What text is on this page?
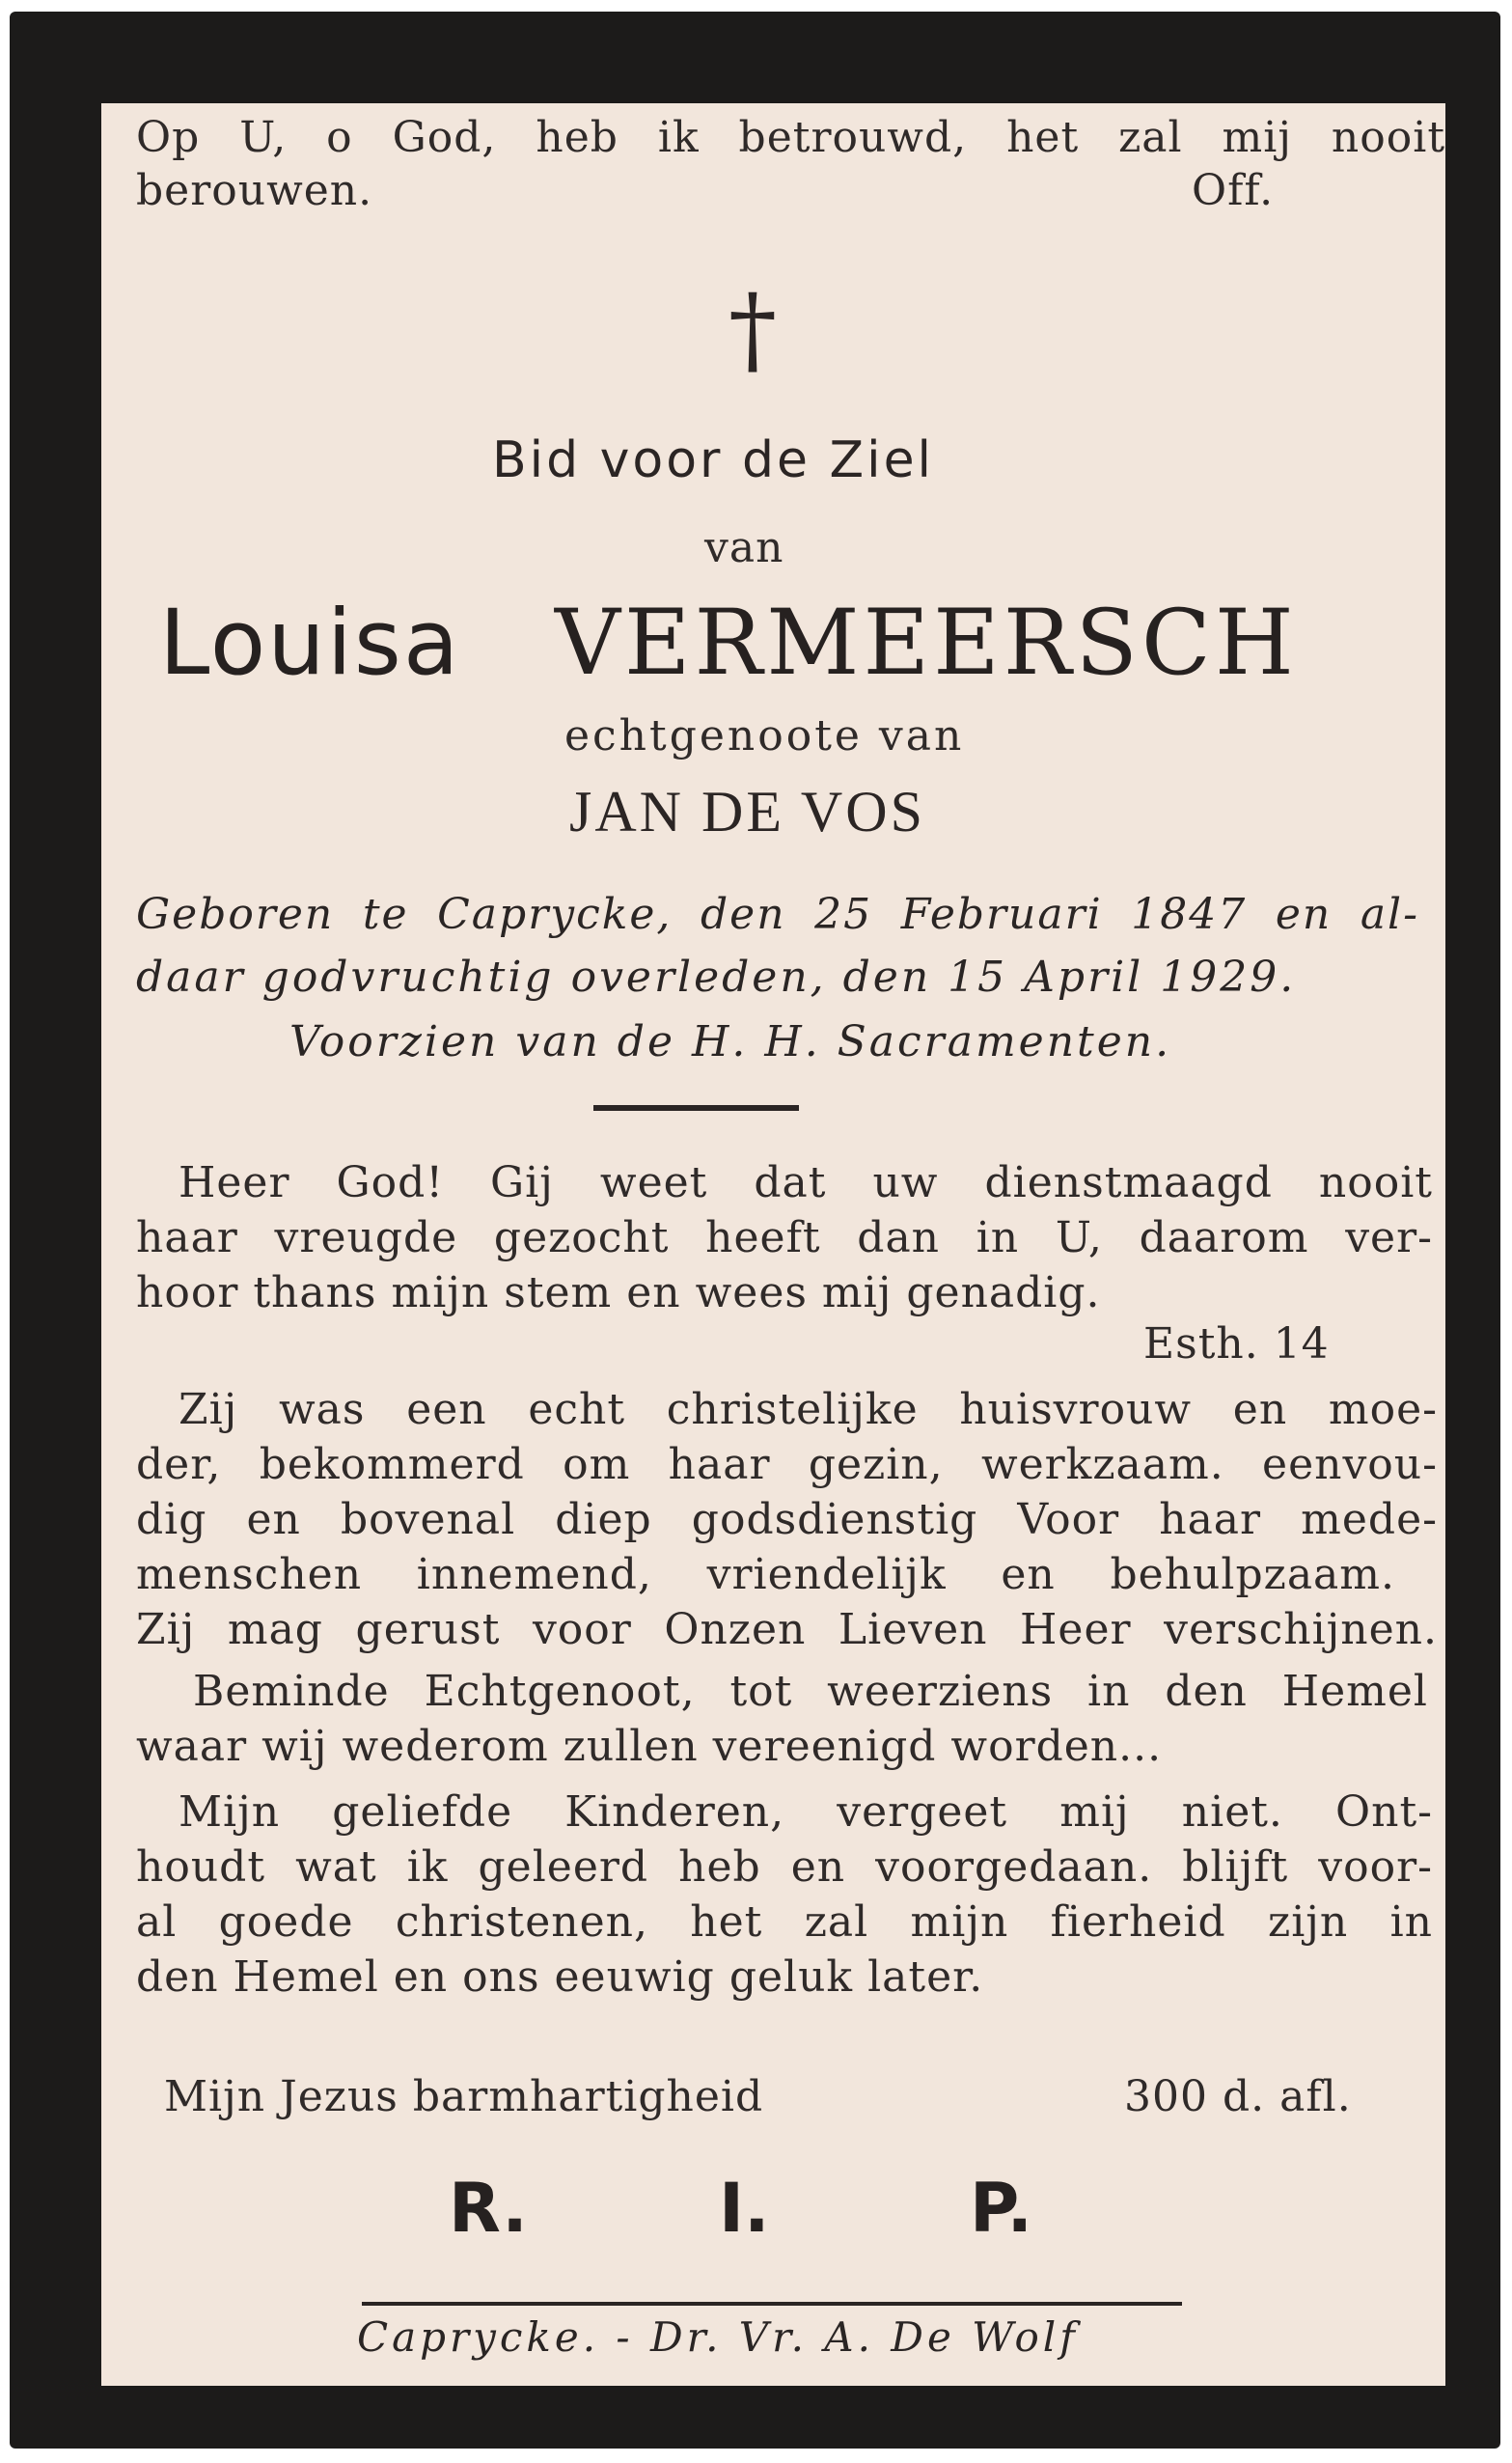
Op U, o God, heb ik betrouwd, het zal mij nooit
berouwen.	Off.
†
Bid voor de Ziel
van
Louisa VERMEERSCH
echtgenoote van
JAN DE VOS
Geboren te Caprycke, den 25 Februari 1847 en al-
daar godvruchtig overleden, den 15 April 1929.
Voorzien van de H. H. Sacramenten.
Heer God! Gij weet dat uw dienstmaagd nooit
haar vreugde gezocht heeft dan in U, daarom ver-
hoor thans mijn stem en wees mij genadig.
Esth. 14
Zij was een echt christelijke huisvrouw en moe-
der, bekommerd om haar gezin, werkzaam. eenvou-
dig en bovenal diep godsdienstig Voor haar mede-
menschen innemend, vriendelijk en behulpzaam.
Zij mag gerust voor Onzen Lieven Heer verschijnen.
Beminde Echtgenoot, tot weerziens in den Hemel
waar wij wederom zullen vereenigd worden...
Mijn geliefde Kinderen, vergeet mij niet. Ont-
houdt wat ik geleerd heb en voorgedaan. blijft voor-
al goede christenen, het zal mijn fierheid zijn in
den Hemel en ons eeuwig geluk later.
Mijn Jezus barmhartigheid	300 d. afl.
R.	I.	P.
Caprycke. - Dr. Vr. A. De Wolf
